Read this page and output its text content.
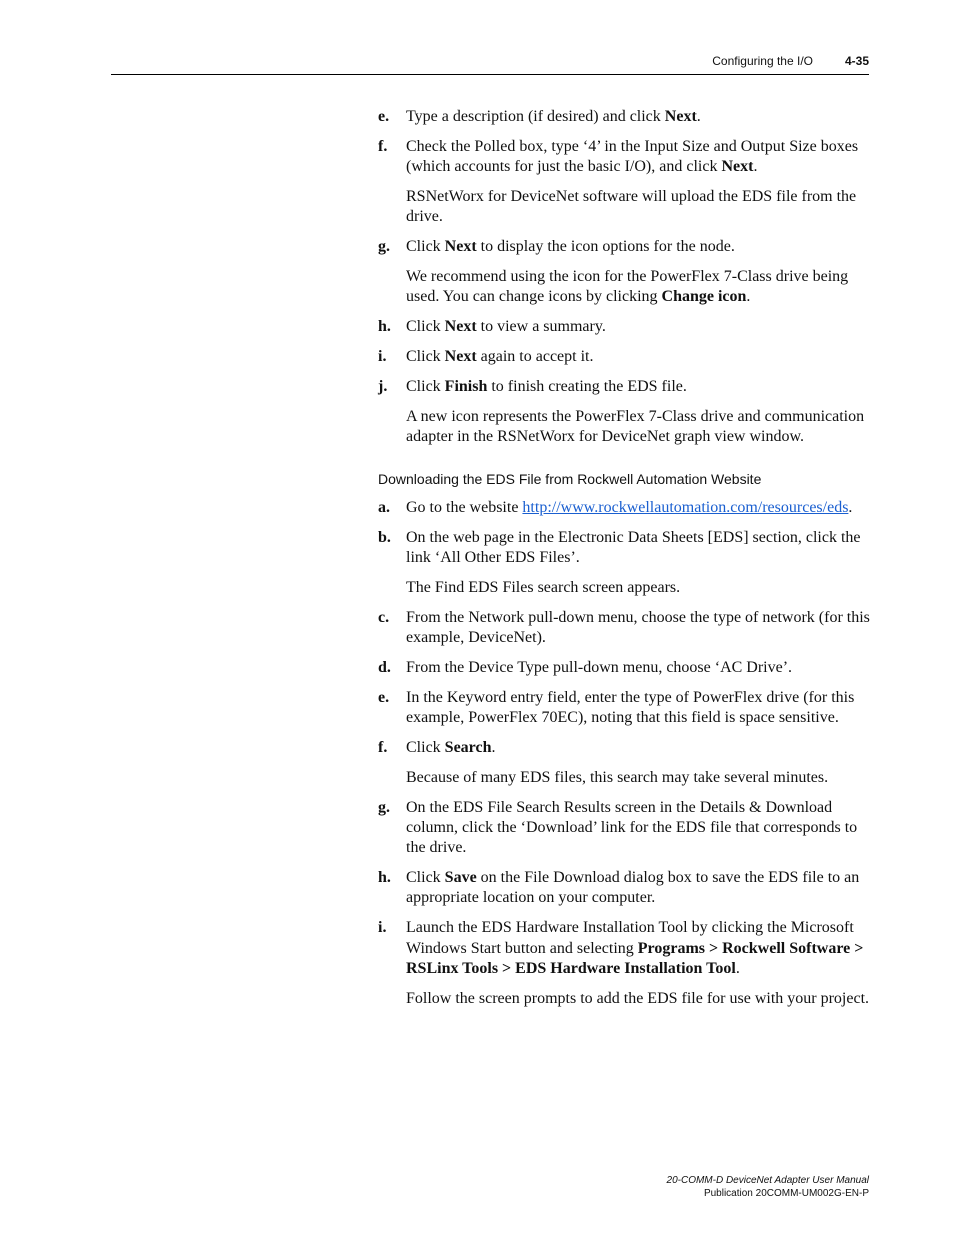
Configuring the I/O	4-35
e.	Type a description (if desired) and click Next.
f.	Check the Polled box, type ‘4’ in the Input Size and Output Size boxes (which accounts for just the basic I/O), and click Next.
RSNetWorx for DeviceNet software will upload the EDS file from the drive.
g.	Click Next to display the icon options for the node.
We recommend using the icon for the PowerFlex 7-Class drive being used. You can change icons by clicking Change icon.
h. Click Next to view a summary.
i.	Click Next again to accept it.
j.	Click Finish to finish creating the EDS file.
A new icon represents the PowerFlex 7-Class drive and communication adapter in the RSNetWorx for DeviceNet graph view window.
Downloading the EDS File from Rockwell Automation Website
a.	Go to the website http://www.rockwellautomation.com/resources/eds.
b. On the web page in the Electronic Data Sheets [EDS] section, click the link ‘All Other EDS Files’.
The Find EDS Files search screen appears.
c.	From the Network pull-down menu, choose the type of network (for this example, DeviceNet).
d. From the Device Type pull-down menu, choose ‘AC Drive’.
e.	In the Keyword entry field, enter the type of PowerFlex drive (for this example, PowerFlex 70EC), noting that this field is space sensitive.
f.	Click Search.
Because of many EDS files, this search may take several minutes.
g.	On the EDS File Search Results screen in the Details & Download column, click the ‘Download’ link for the EDS file that corresponds to the drive.
h. Click Save on the File Download dialog box to save the EDS file to an appropriate location on your computer.
i.	Launch the EDS Hardware Installation Tool by clicking the Microsoft Windows Start button and selecting Programs > Rockwell Software > RSLinx Tools > EDS Hardware Installation Tool.
Follow the screen prompts to add the EDS file for use with your project.
20-COMM-D DeviceNet Adapter User Manual
Publication 20COMM-UM002G-EN-P
